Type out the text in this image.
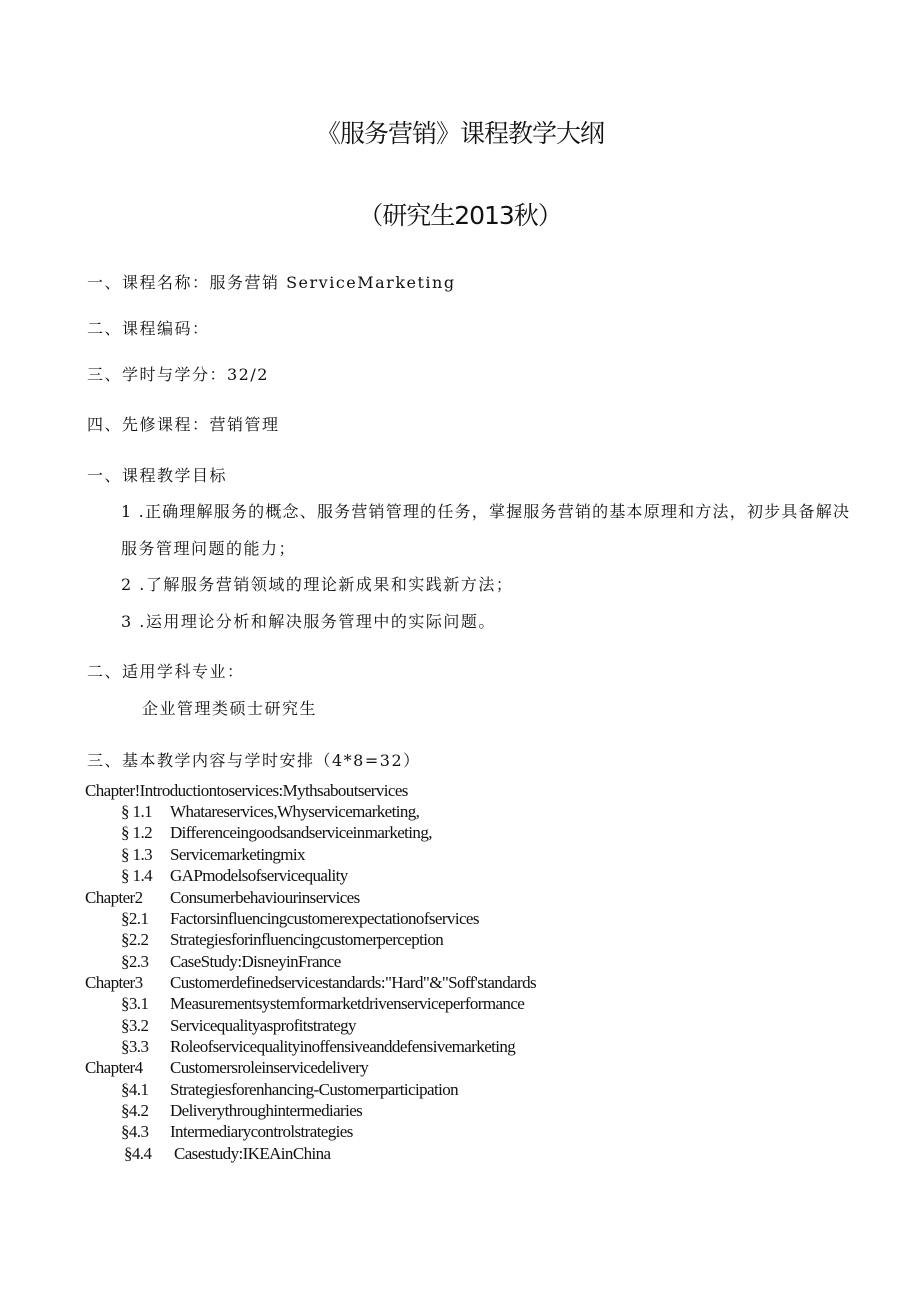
《服务营销》课程教学大纲
（研究生2013秋）
一、课程名称：服务营销 ServiceMarketing
二、课程编码：
三、学时与学分：32/2
四、先修课程：营销管理
一、课程教学目标
1 .正确理解服务的概念、服务营销管理的任务，掌握服务营销的基本原理和方法，初步具备解决
服务管理问题的能力；
2 .了解服务营销领域的理论新成果和实践新方法；
3 .运用理论分析和解决服务管理中的实际问题。
二、适用学科专业：
企业管理类硕士研究生
三、基本教学内容与学时安排（4*8=32）
Chapter!Introductiontoservices:Mythsaboutservices
§ 1.1 Whatareservices,Whyservicemarketing,
§ 1.2 Differenceingoodsandserviceinmarketing,
§ 1.3 Servicemarketingmix
§ 1.4 GAPmodelsofservicequality
Chapter2 Consumerbehaviourinservices
§2.1 Factorsinfluencingcustomerexpectationofservices
§2.2 Strategiesforinfluencingcustomerperception
§2.3 CaseStudy:DisneyinFrance
Chapter3 Customerdefinedservicestandards:"Hard"&"Soff'standards
§3.1 Measurementsystemformarketdrivenserviceperformance
§3.2 Servicequalityasprofitstrategy
§3.3 Roleofservicequalityinoffensiveanddefensivemarketing
Chapter4 Customersroleinservicedelivery
§4.1 Strategiesforenhancing-Customerparticipation
§4.2 Deliverythroughintermediaries
§4.3 Intermediarycontrolstrategies
§4.4 Casestudy:IKEAinChina
